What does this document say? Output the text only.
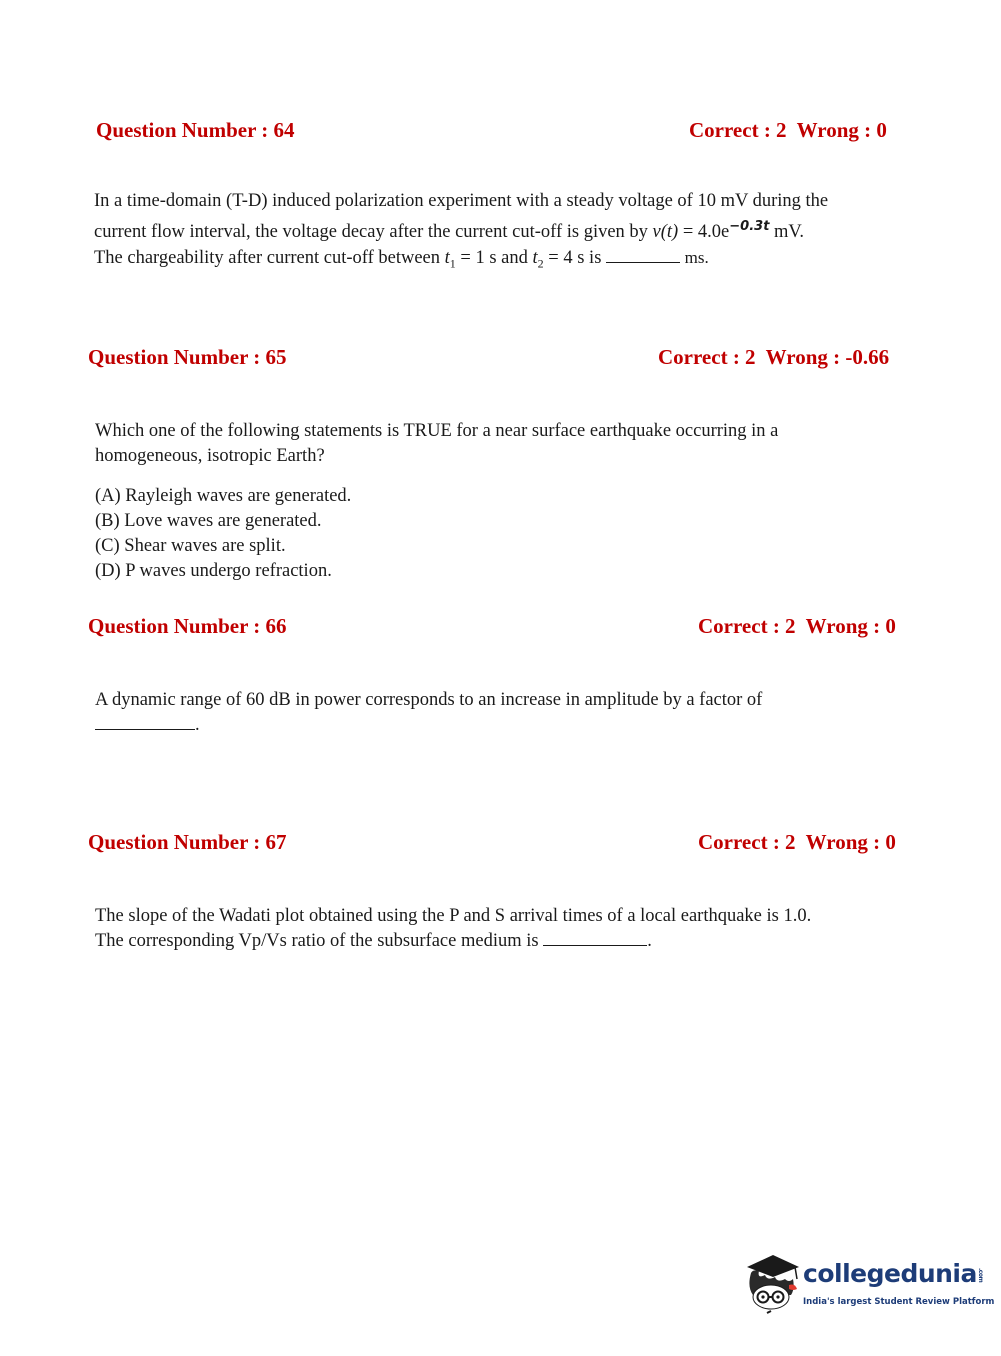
Question Number : 64	Correct : 2  Wrong : 0

In a time-domain (T-D) induced polarization experiment with a steady voltage of 10 mV during the

current flow interval, the voltage decay after the current cut-off is given by $v(t) = 4.0e^{-0.3t}$ mV.

The chargeability after current cut-off between $t_1 = 1$ s and $t_2 = 4$ s is	ms.

Question Number : 65	Correct : 2  Wrong : -0.66

Which one of the following statements is TRUE for a near surface earthquake occurring in a

homogeneous, isotropic Earth?

(A) Rayleigh waves are generated.
(B) Love waves are generated.
(C) Shear waves are split.
(D) P waves undergo refraction.
Question Number : 66	Correct : 2  Wrong : 0

A dynamic range of 60 dB in power corresponds to an increase in amplitude by a factor of

.

Question Number : 67	Correct : 2  Wrong : 0

The slope of the Wadati plot obtained using the P and S arrival times of a local earthquake is 1.0.

The corresponding Vp/Vs ratio of the subsurface medium is	.

collegedunia.com
India's largest Student Review Platform
